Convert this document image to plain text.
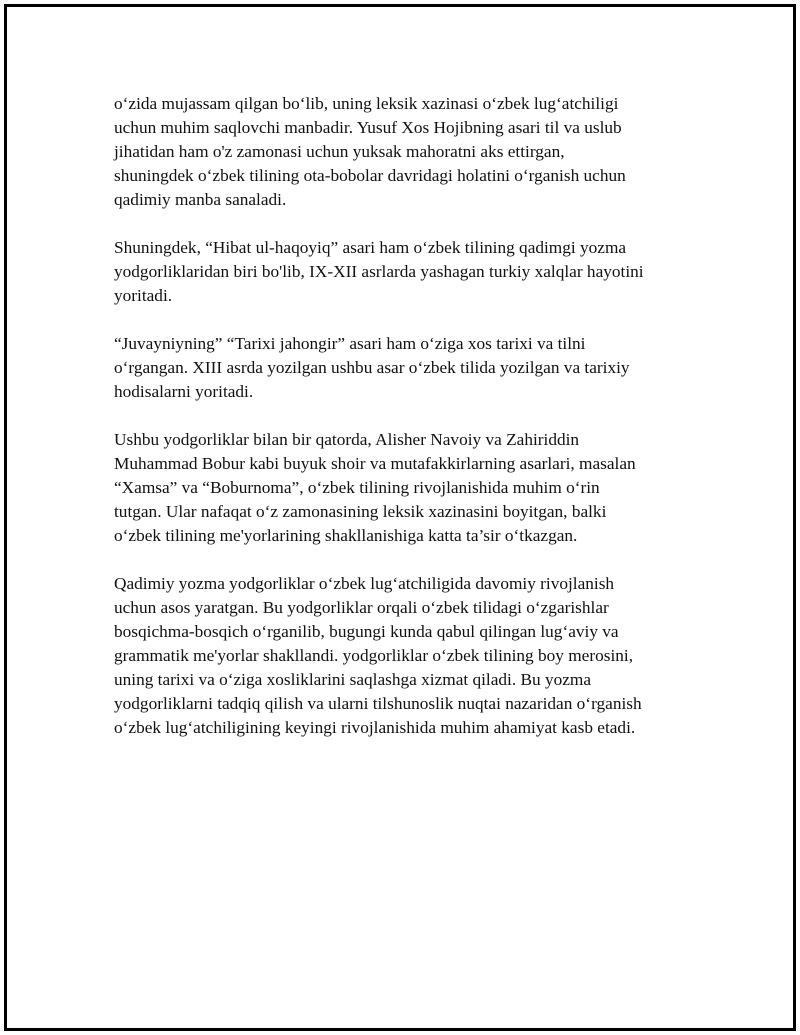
o‘zida mujassam qilgan bo‘lib, uning leksik xazinasi o‘zbek lug‘atchiligi
uchun muhim saqlovchi manbadir. Yusuf Xos Hojibning asari til va uslub
jihatidan ham o'z zamonasi uchun yuksak mahoratni aks ettirgan,
shuningdek o‘zbek tilining ota-bobolar davridagi holatini o‘rganish uchun
qadimiy manba sanaladi.

Shuningdek, “Hibat ul-haqoyiq” asari ham o‘zbek tilining qadimgi yozma
yodgorliklaridan biri bo'lib, IX-XII asrlarda yashagan turkiy xalqlar hayotini
yoritadi.

“Juvayniyning” “Tarixi jahongir” asari ham o‘ziga xos tarixi va tilni
o‘rgangan. XIII asrda yozilgan ushbu asar o‘zbek tilida yozilgan va tarixiy
hodisalarni yoritadi.

Ushbu yodgorliklar bilan bir qatorda, Alisher Navoiy va Zahiriddin
Muhammad Bobur kabi buyuk shoir va mutafakkirlarning asarlari, masalan
“Xamsa” va “Boburnoma”, o‘zbek tilining rivojlanishida muhim o‘rin
tutgan. Ular nafaqat o‘z zamonasining leksik xazinasini boyitgan, balki
o‘zbek tilining me'yorlarining shakllanishiga katta ta’sir o‘tkazgan.

Qadimiy yozma yodgorliklar o‘zbek lug‘atchiligida davomiy rivojlanish
uchun asos yaratgan. Bu yodgorliklar orqali o‘zbek tilidagi o‘zgarishlar
bosqichma-bosqich o‘rganilib, bugungi kunda qabul qilingan lug‘aviy va
grammatik me'yorlar shakllandi. yodgorliklar o‘zbek tilining boy merosini,
uning tarixi va o‘ziga xosliklarini saqlashga xizmat qiladi. Bu yozma
yodgorliklarni tadqiq qilish va ularni tilshunoslik nuqtai nazaridan o‘rganish
o‘zbek lug‘atchiligining keyingi rivojlanishida muhim ahamiyat kasb etadi.
